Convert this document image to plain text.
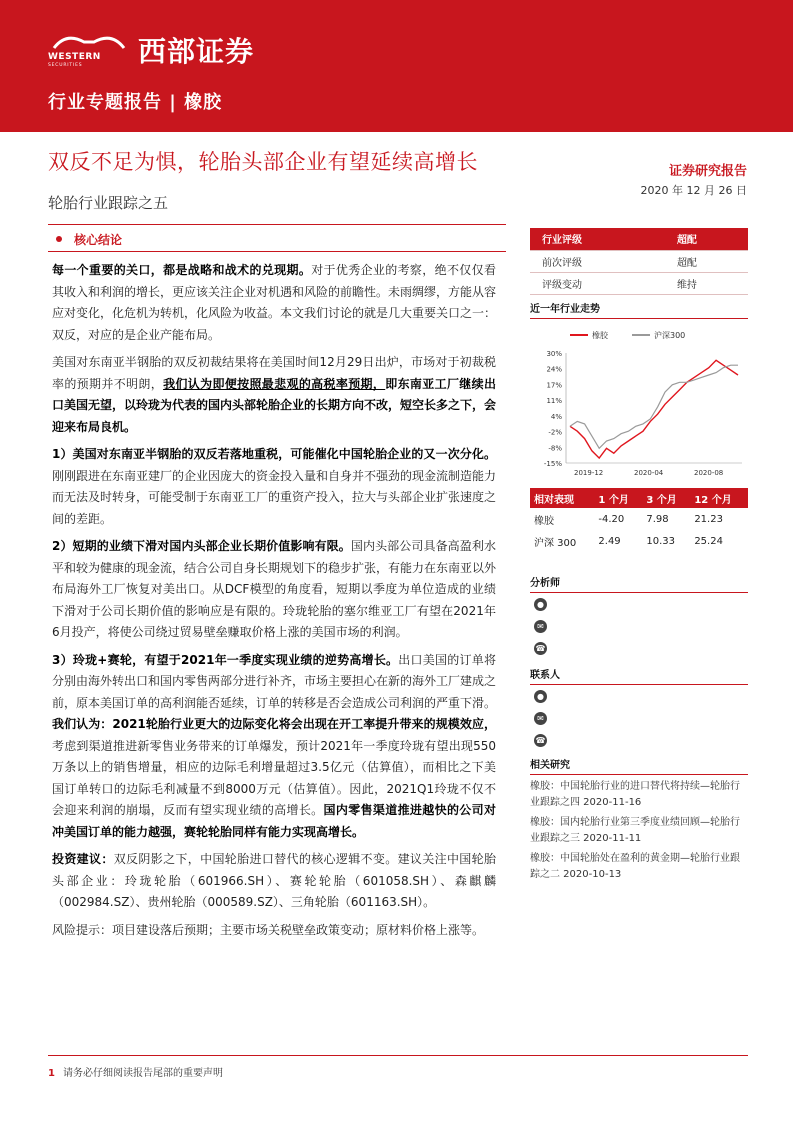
WESTERN
SECURITIES 西部证券
行业专题报告 | 橡胶
双反不足为惧，轮胎头部企业有望延续高增长
轮胎行业跟踪之五
证券研究报告
2020 年 12 月 26 日
核心结论

每一个重要的关口，都是战略和战术的兑现期。对于优秀企业的考察，绝不仅仅看其收入和利润的增长，更应该关注企业对机遇和风险的前瞻性。未雨绸缪，方能从容应对变化，化危机为转机，化风险为收益。本文我们讨论的就是几大重要关口之一：双反，对应的是企业产能布局。

美国对东南亚半钢胎的双反初裁结果将在美国时间12月29日出炉，市场对于初裁税率的预期并不明朗，我们认为即便按照最悲观的高税率预期，即东南亚工厂继续出口美国无望，以玲珑为代表的国内头部轮胎企业的长期方向不改，短空长多之下，会迎来布局良机。

1）美国对东南亚半钢胎的双反若落地重税，可能催化中国轮胎企业的又一次分化。刚刚跟进在东南亚建厂的企业因庞大的资金投入量和自身并不强劲的现金流制造能力而无法及时转身，可能受制于东南亚工厂的重资产投入，拉大与头部企业扩张速度之间的差距。

2）短期的业绩下滑对国内头部企业长期价值影响有限。国内头部公司具备高盈利水平和较为健康的现金流，结合公司自身长期规划下的稳步扩张，有能力在东南亚以外布局海外工厂恢复对美出口。从DCF模型的角度看，短期以季度为单位造成的业绩下滑对于公司长期价值的影响应是有限的。玲珑轮胎的塞尔维亚工厂有望在2021年6月投产，将使公司绕过贸易壁垒赚取价格上涨的美国市场的利润。

3）玲珑+赛轮，有望于2021年一季度实现业绩的逆势高增长。出口美国的订单将分别由海外转出口和国内零售两部分进行补齐，市场主要担心在新的海外工厂建成之前，原本美国订单的高利润能否延续，订单的转移是否会造成公司利润的严重下滑。我们认为：2021轮胎行业更大的边际变化将会出现在开工率提升带来的规模效应，考虑到渠道推进新零售业务带来的订单爆发，预计2021年一季度玲珑有望出现550万条以上的销售增量，相应的边际毛利增量超过3.5亿元（估算值），而相比之下美国订单转口的边际毛利减量不到8000万元（估算值）。因此，2021Q1玲珑不仅不会迎来利润的崩塌，反而有望实现业绩的高增长。国内零售渠道推进越快的公司对冲美国订单的能力越强，赛轮轮胎同样有能力实现高增长。

投资建议：双反阴影之下，中国轮胎进口替代的核心逻辑不变。建议关注中国轮胎头部企业：玲珑轮胎（601966.SH）、赛轮轮胎（601058.SH）、森麒麟（002984.SZ）、贵州轮胎（000589.SZ）、三角轮胎（601163.SH）。

风险提示：项目建设落后预期；主要市场关税壁垒政策变动；原材料价格上涨等。

行业评级	超配
前次评级	超配
评级变动	维持
近一年行业走势
橡胶	沪深300
30%
24%
17%
11%
4%
-2%
-8%
-15%
2019-12	2020-04	2020-08
相对表现	1 个月	3 个月	12 个月
橡胶	-4.20	7.98	21.23
沪深 300	2.49	10.33	25.24
分析师
●
✉
☎
联系人
●
✉
☎
相关研究
橡胶：中国轮胎行业的进口替代将持续—轮胎行业跟踪之四 2020-11-16
橡胶：国内轮胎行业第三季度业绩回顾—轮胎行业跟踪之三 2020-11-11
橡胶：中国轮胎处在盈利的黄金期—轮胎行业跟踪之二 2020-10-13
1 请务必仔细阅读报告尾部的重要声明
